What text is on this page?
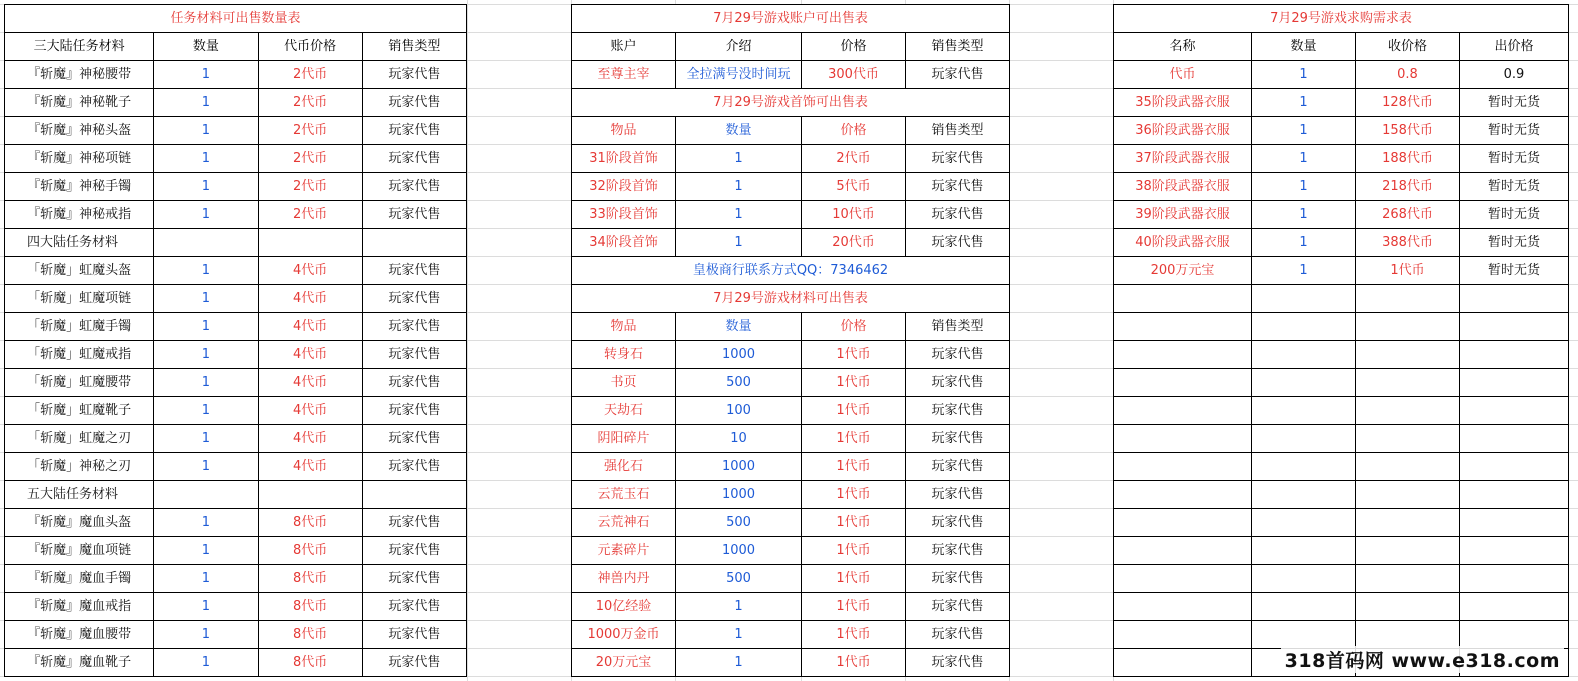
任务材料可出售数量表			
三大陆任务材料	数量	代币价格	销售类型
『斩魔』神秘腰带	1	2代币	玩家代售
『斩魔』神秘靴子	1	2代币	玩家代售
『斩魔』神秘头盔	1	2代币	玩家代售
『斩魔』神秘项链	1	2代币	玩家代售
『斩魔』神秘手镯	1	2代币	玩家代售
『斩魔』神秘戒指	1	2代币	玩家代售
四大陆任务材料			
「斩魔」虹魔头盔	1	4代币	玩家代售
「斩魔」虹魔项链	1	4代币	玩家代售
「斩魔」虹魔手镯	1	4代币	玩家代售
「斩魔」虹魔戒指	1	4代币	玩家代售
「斩魔」虹魔腰带	1	4代币	玩家代售
「斩魔」虹魔靴子	1	4代币	玩家代售
「斩魔」虹魔之刃	1	4代币	玩家代售
「斩魔」神秘之刃	1	4代币	玩家代售
五大陆任务材料			
『斩魔』魔血头盔	1	8代币	玩家代售
『斩魔』魔血项链	1	8代币	玩家代售
『斩魔』魔血手镯	1	8代币	玩家代售
『斩魔』魔血戒指	1	8代币	玩家代售
『斩魔』魔血腰带	1	8代币	玩家代售
『斩魔』魔血靴子	1	8代币	玩家代售
7月29号游戏账户可出售表			
账户	介绍	价格	销售类型
至尊主宰	全拉满号没时间玩	300代币	玩家代售
7月29号游戏首饰可出售表			
物品	数量	价格	销售类型
31阶段首饰	1	2代币	玩家代售
32阶段首饰	1	5代币	玩家代售
33阶段首饰	1	10代币	玩家代售
34阶段首饰	1	20代币	玩家代售
皇极商行联系方式QQ：7346462			
7月29号游戏材料可出售表			
物品	数量	价格	销售类型
转身石	1000	1代币	玩家代售
书页	500	1代币	玩家代售
天劫石	100	1代币	玩家代售
阴阳碎片	10	1代币	玩家代售
强化石	1000	1代币	玩家代售
云荒玉石	1000	1代币	玩家代售
云荒神石	500	1代币	玩家代售
元素碎片	1000	1代币	玩家代售
神兽内丹	500	1代币	玩家代售
10亿经验	1	1代币	玩家代售
1000万金币	1	1代币	玩家代售
20万元宝	1	1代币	玩家代售
7月29号游戏求购需求表			
名称	数量	收价格	出价格
代币	1	0.8	0.9
35阶段武器衣服	1	128代币	暂时无货
36阶段武器衣服	1	158代币	暂时无货
37阶段武器衣服	1	188代币	暂时无货
38阶段武器衣服	1	218代币	暂时无货
39阶段武器衣服	1	268代币	暂时无货
40阶段武器衣服	1	388代币	暂时无货
200万元宝	1	1代币	暂时无货

318首码网 www.e318.com
